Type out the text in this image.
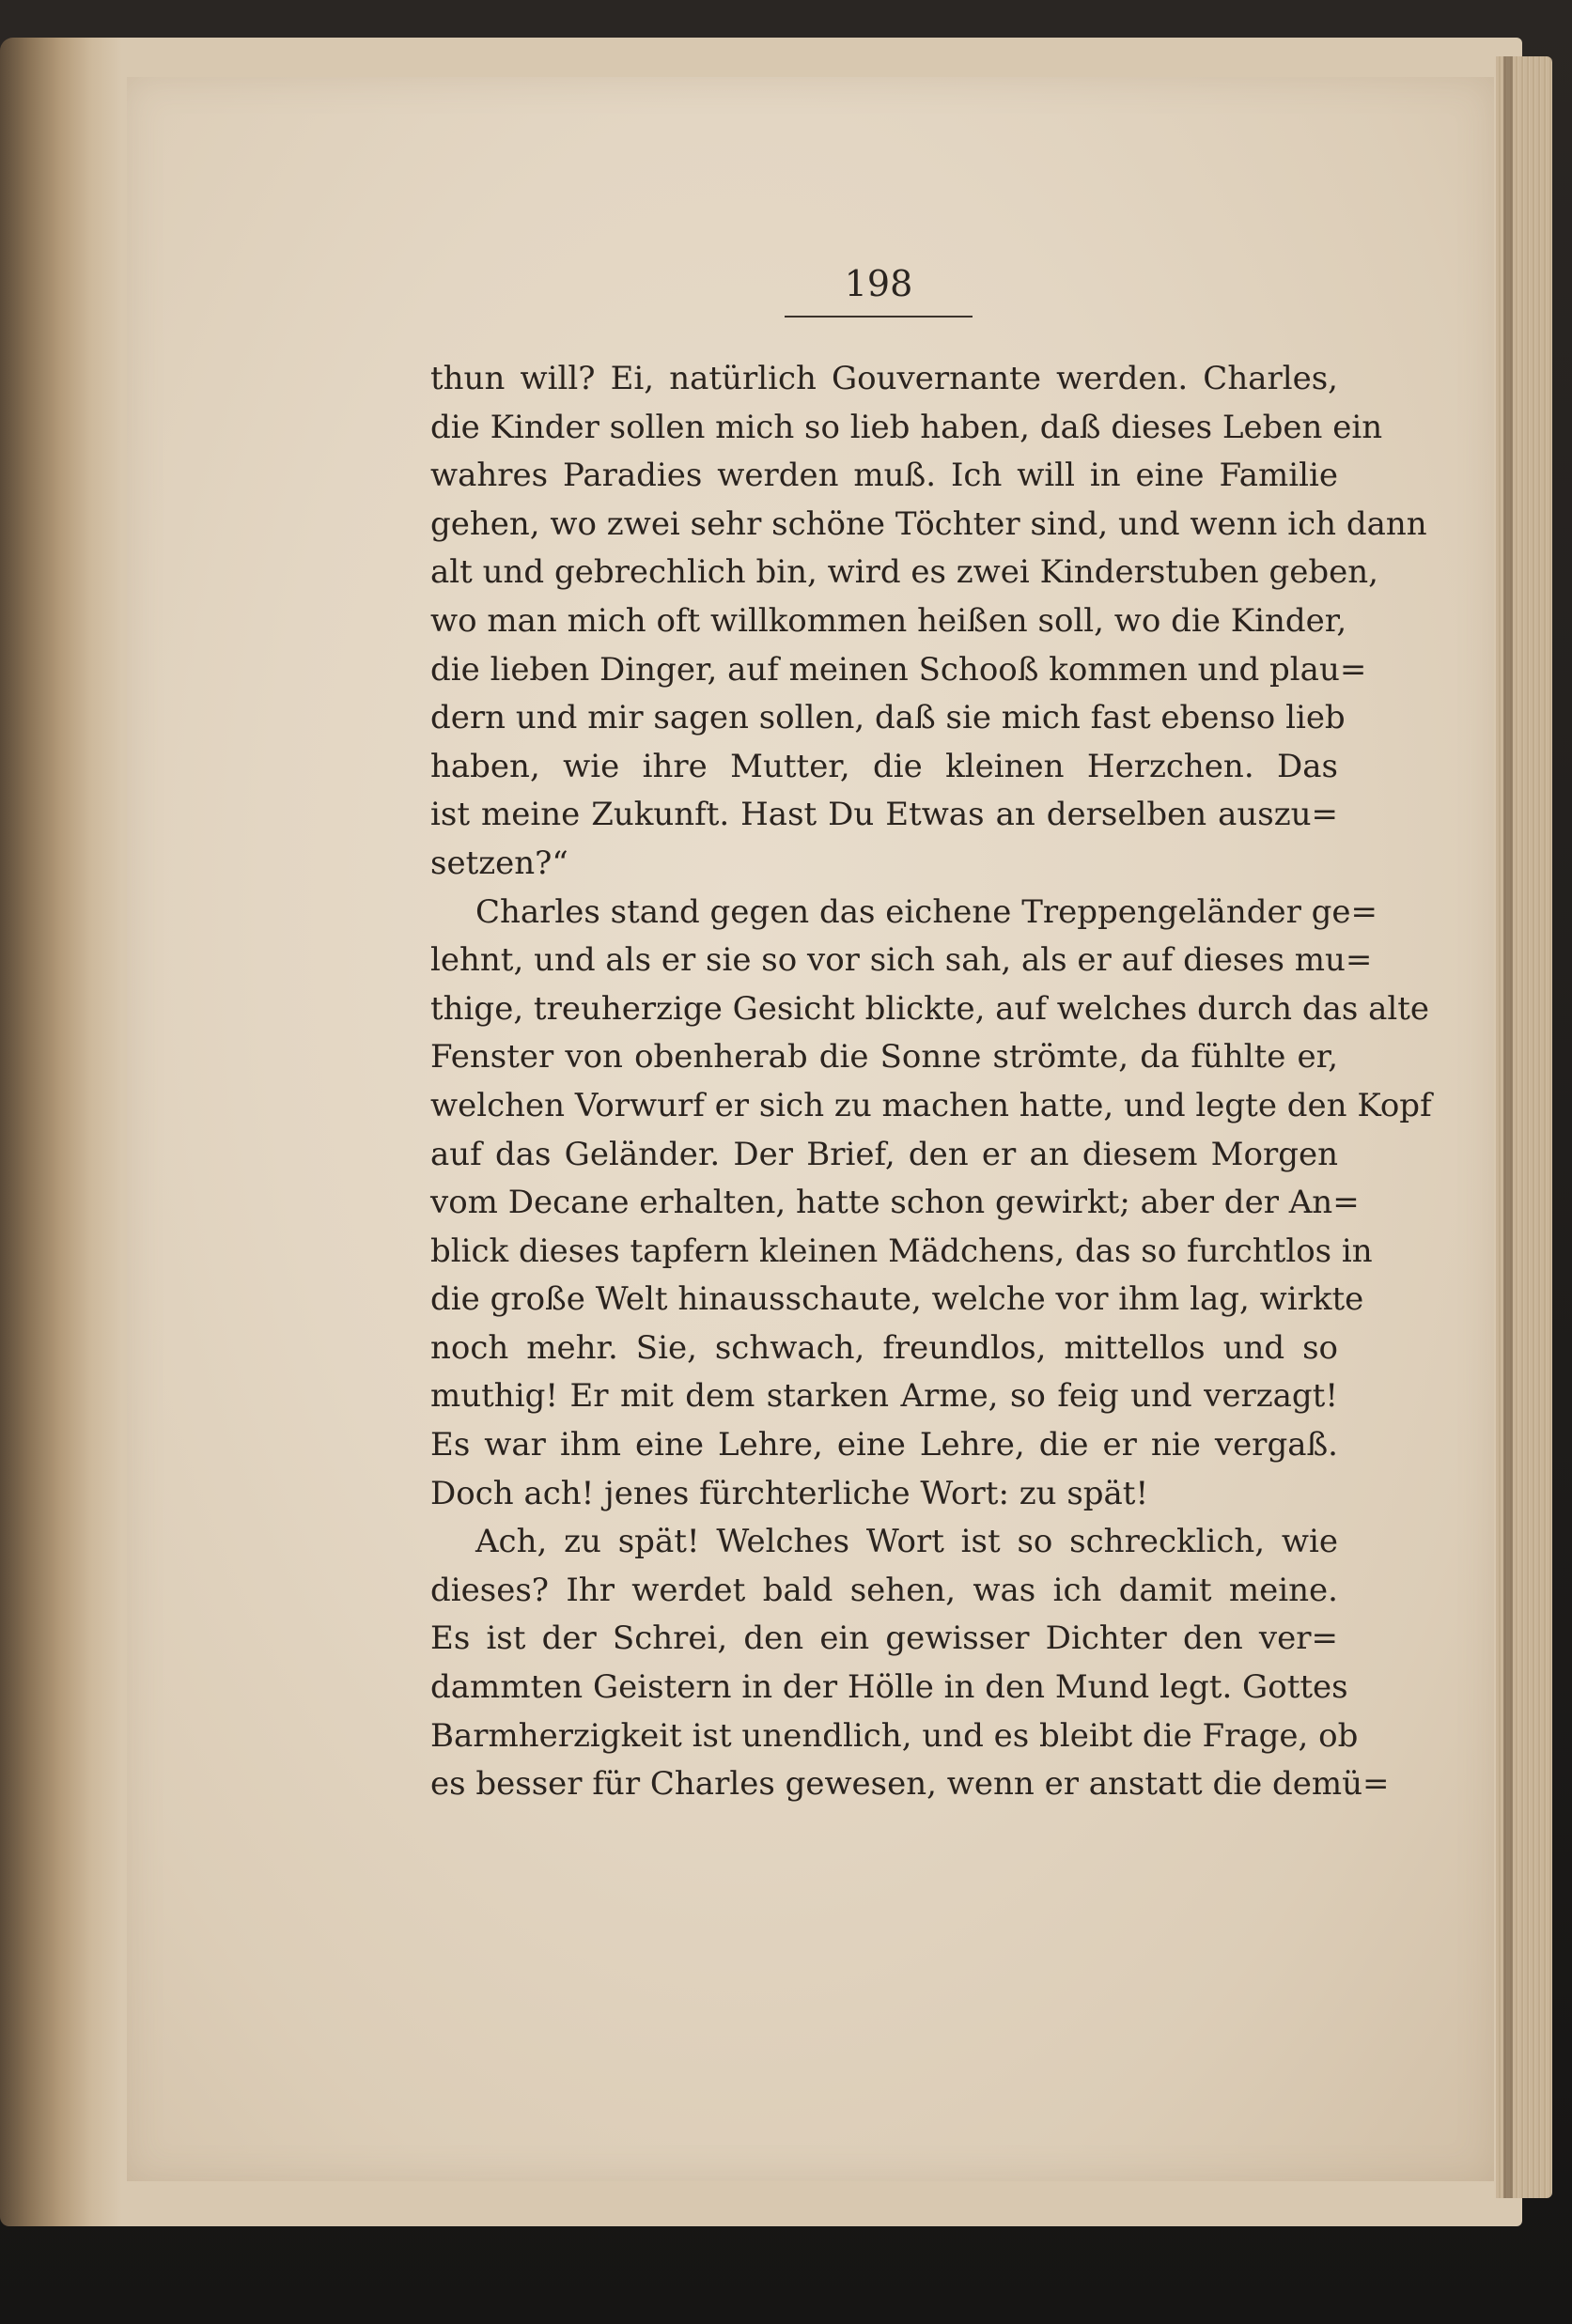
198
thun will? Ei, natürlich Gouvernante werden. Charles,
die Kinder sollen mich so lieb haben, daß dieses Leben ein
wahres Paradies werden muß. Ich will in eine Familie
gehen, wo zwei sehr schöne Töchter sind, und wenn ich dann
alt und gebrechlich bin, wird es zwei Kinderstuben geben,
wo man mich oft willkommen heißen soll, wo die Kinder,
die lieben Dinger, auf meinen Schooß kommen und plau=
dern und mir sagen sollen, daß sie mich fast ebenso lieb
haben, wie ihre Mutter, die kleinen Herzchen. Das
ist meine Zukunft. Hast Du Etwas an derselben auszu=
setzen?“
Charles stand gegen das eichene Treppengeländer ge=
lehnt, und als er sie so vor sich sah, als er auf dieses mu=
thige, treuherzige Gesicht blickte, auf welches durch das alte
Fenster von obenherab die Sonne strömte, da fühlte er,
welchen Vorwurf er sich zu machen hatte, und legte den Kopf
auf das Geländer. Der Brief, den er an diesem Morgen
vom Decane erhalten, hatte schon gewirkt; aber der An=
blick dieses tapfern kleinen Mädchens, das so furchtlos in
die große Welt hinausschaute, welche vor ihm lag, wirkte
noch mehr. Sie, schwach, freundlos, mittellos und so
muthig! Er mit dem starken Arme, so feig und verzagt!
Es war ihm eine Lehre, eine Lehre, die er nie vergaß.
Doch ach! jenes fürchterliche Wort: zu spät!
Ach, zu spät! Welches Wort ist so schrecklich, wie
dieses? Ihr werdet bald sehen, was ich damit meine.
Es ist der Schrei, den ein gewisser Dichter den ver=
dammten Geistern in der Hölle in den Mund legt. Gottes
Barmherzigkeit ist unendlich, und es bleibt die Frage, ob
es besser für Charles gewesen, wenn er anstatt die demü=
